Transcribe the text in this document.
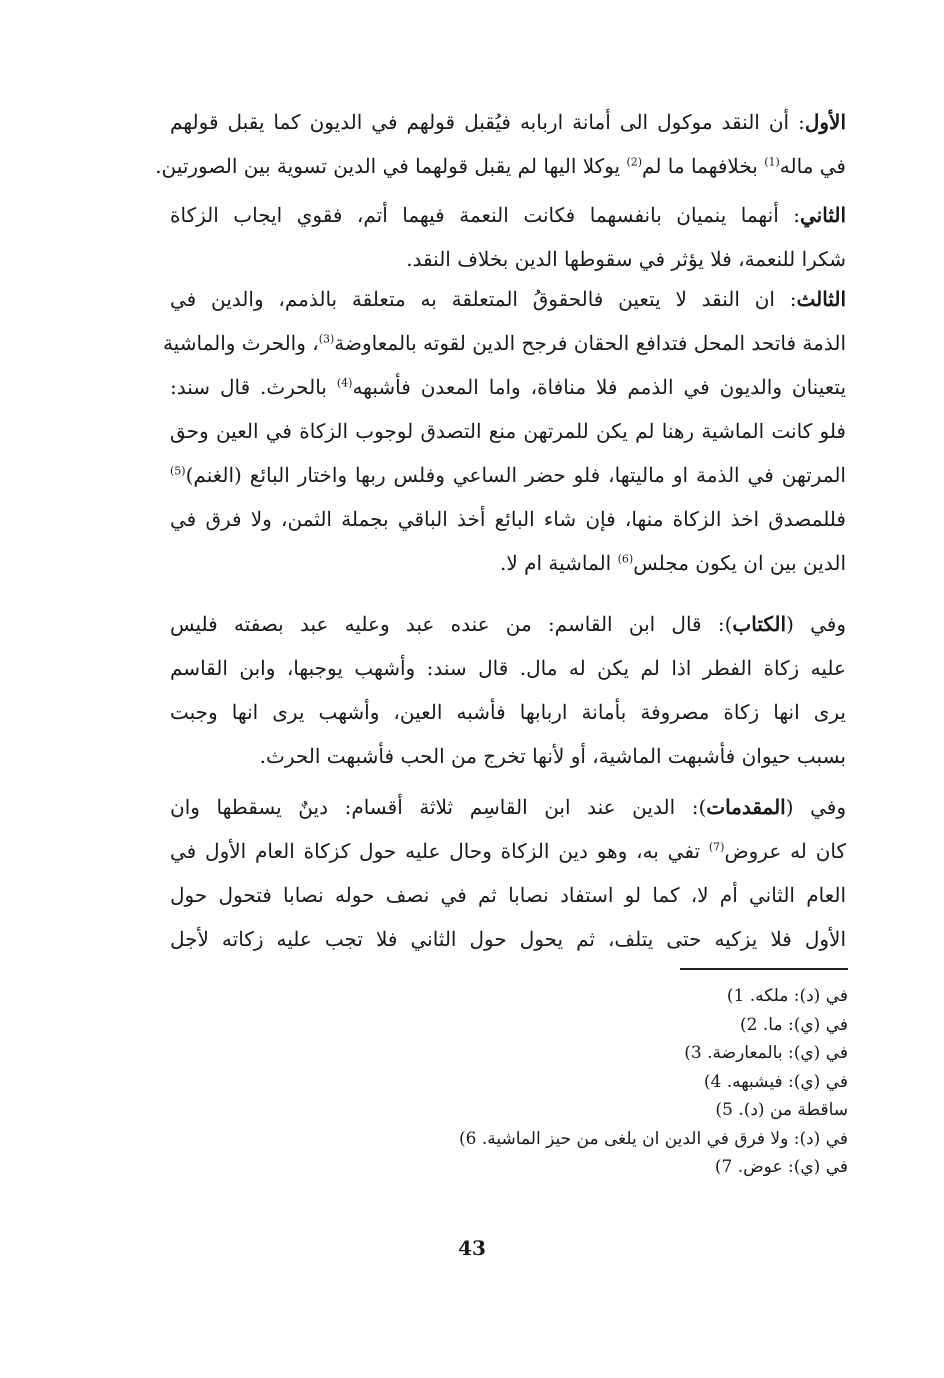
الأول: أن النقد موكول الى أمانة اربابه فيُقبل قولهم في الديون كما يقبل قولهم
في ماله$^{(1)}$ بخلافهما ما لم$^{(2)}$ يوكلا اليها لم يقبل قولهما في الدين تسوية بين الصورتين.
الثاني: أنهما ينميان بانفسهما فكانت النعمة فيهما أتم، فقوي ايجاب الزكاة
شكرا للنعمة، فلا يؤثر في سقوطها الدين بخلاف النقد.
الثالث: ان النقد لا يتعين فالحقوقُ المتعلقة به متعلقة بالذمم، والدين في
الذمة فاتحد المحل فتدافع الحقان فرجح الدين لقوته بالمعاوضة$^{(3)}$، والحرث والماشية
يتعينان والديون في الذمم فلا منافاة، واما المعدن فأشبهه$^{(4)}$ بالحرث. قال سند:
فلو كانت الماشية رهنا لم يكن للمرتهن منع التصدق لوجوب الزكاة في العين وحق
المرتهن في الذمة او ماليتها، فلو حضر الساعي وفلس ربها واختار البائع (الغنم)$^{(5)}$
فللمصدق اخذ الزكاة منها، فإن شاء البائع أخذ الباقي بجملة الثمن، ولا فرق في
الدين بين ان يكون مجلس$^{(6)}$ الماشية ام لا.
وفي (الكتاب): قال ابن القاسم: من عنده عبد وعليه عبد بصفته فليس
عليه زكاة الفطر اذا لم يكن له مال. قال سند: وأشهب يوجبها، وابن القاسم
يرى انها زكاة مصروفة بأمانة اربابها فأشبه العين، وأشهب يرى انها وجبت
بسبب حيوان فأشبهت الماشية، أو لأنها تخرج من الحب فأشبهت الحرث.
وفي (المقدمات): الدين عند ابن القاسِم ثلاثة أقسام: دينٌ يسقطها وان
كان له عروض$^{(7)}$ تفي به، وهو دين الزكاة وحال عليه حول كزكاة العام الأول في
العام الثاني أم لا، كما لو استفاد نصابا ثم في نصف حوله نصابا فتحول حول
الأول فلا يزكيه حتى يتلف، ثم يحول حول الثاني فلا تجب عليه زكاته لأجل
في (د): ملكه. 1)
في (ي): ما. 2)
في (ي): بالمعارضة. 3)
في (ي): فيشبهه. 4)
ساقطة من (د). 5)
في (د): ولا فرق في الدين ان يلغى من حيز الماشية. 6)
في (ي): عوض. 7)
43
